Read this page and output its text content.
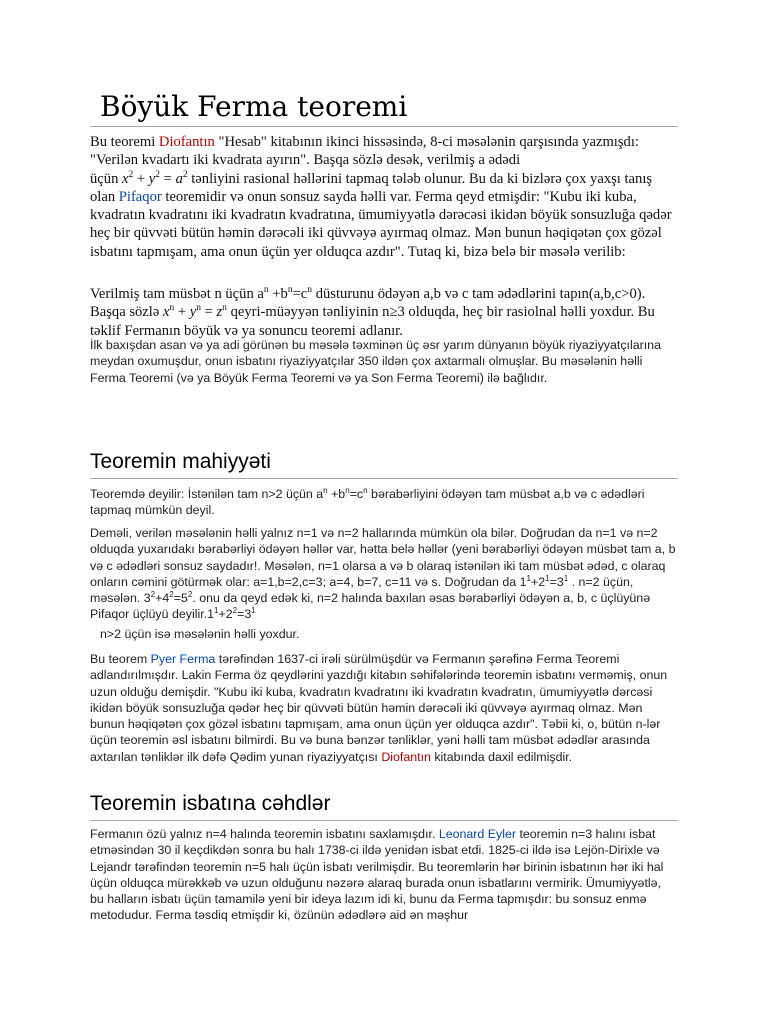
Böyük Ferma teoremi

Bu teoremi Diofantın "Hesab" kitabının ikinci hissəsində, 8-ci məsələnin qarşısında yazmışdı: "Verilən kvadartı iki kvadrata ayırın". Başqa sözlə desək, verilmiş a ədədi
üçün $x^2 + y^2 = a^2$ tənliyini rasional həllərini tapmaq tələb olunur. Bu da ki bizlərə çox yaxşı tanış olan Pifaqor teoremidir və onun sonsuz sayda həlli var. Ferma qeyd etmişdir: "Kubu iki kuba, kvadratın kvadratını iki kvadratın kvadratına, ümumiyyətlə dərəcəsi ikidən böyük sonsuzluğa qədər heç bir qüvvəti bütün həmin dərəcəli iki qüvvəyə ayırmaq olmaz. Mən bunun həqiqətən çox gözəl isbatını tapmışam, ama onun üçün yer olduqca azdır". Tutaq ki, bizə belə bir məsələ verilib:

Verilmiş tam müsbət n üçün $a^n +b^n=c^n$ düsturunu ödəyən a,b və c tam ədədlərini tapın(a,b,c>0). Başqa sözlə $x^n + y^n = z^n$ qeyri-müəyyən tənliyinin n≥3 olduqda, heç bir rasiolnal həlli yoxdur. Bu təklif Fermanın böyük və ya sonuncu teoremi adlanır.

İlk baxışdan asan və ya adi görünən bu məsələ təxminən üç əsr yarım dünyanın böyük riyaziyyatçılarına meydan oxumuşdur, onun isbatını riyaziyyatçılar 350 ildən çox axtarmalı olmuşlar. Bu məsələnin həlli Ferma Teoremi (və ya Böyük Ferma Teoremi və ya Son Ferma Teoremi) ilə bağlıdır.

Teoremin mahiyyəti

Teoremdə deyilir: İstənilən tam n>2 üçün $a^n +b^n=c^n$ bərabərliyini ödəyən tam müsbət a,b və c ədədləri tapmaq mümkün deyil.

Deməli, verilən məsələnin həlli yalnız n=1 və n=2 hallarında mümkün ola bilər. Doğrudan da n=1 və n=2 olduqda yuxarıdakı bərabərliyi ödəyən həllər var, hətta belə həllər (yeni bərabərliyi ödəyən müsbət tam a, b və c ədədləri sonsuz saydadır!. Məsələn, n=1 olarsa a və b olaraq istənilən iki tam müsbət ədəd, c olaraq onların cəmini götürmək olar: a=1,b=2,c=3; a=4, b=7, c=11 və s. Doğrudan da $1^1+2^1=3^1$ . n=2 üçün, məsələn. $3^2+4^2=5^2$. onu da qeyd edək ki, n=2 halında baxılan əsas bərabərliyi ödəyən a, b, c üçlüyünə Pifaqor üçlüyü $deyilir.1^1+2^2=3^1$

n>2 üçün isə məsələnin həlli yoxdur.

Bu teorem Pyer Ferma tərəfindən 1637-ci irəli sürülmüşdür və Fermanın şərəfinə Ferma Teoremi adlandırılmışdır. Lakin Ferma öz qeydlərini yazdığı kitabın səhifələrində teoremin isbatını verməmiş, onun uzun olduğu demişdir. "Kubu iki kuba, kvadratın kvadratını iki kvadratın kvadratın, ümumiyyətlə dərcəsi ikidən böyük sonsuzluğa qədər heç bir qüvvəti bütün həmin dərəcəli iki qüvvəyə ayırmaq olmaz. Mən bunun həqiqətən çox gözəl isbatını tapmışam, ama onun üçün yer olduqca azdır". Təbii ki, o, bütün n-lər üçün teoremin əsl isbatını bilmirdi. Bu və buna bənzər tənliklər, yəni həlli tam müsbət ədədlər arasında axtarılan tənliklər ilk dəfə Qədim yunan riyaziyyatçısı Diofantın kitabında daxil edilmişdir.

Teoremin isbatına cəhdlər

Fermanın özü yalnız n=4 halında teoremin isbatını saxlamışdır. Leonard Eyler teoremin n=3 halını isbat etməsindən 30 il keçdikdən sonra bu halı 1738-ci ildə yenidən isbat etdi. 1825-ci ildə isə Lejön-Dirixle və Lejandr tərəfindən teoremin n=5 halı üçün isbatı verilmişdir. Bu teoremlərin hər birinin isbatının hər iki hal üçün olduqca mürəkkəb və uzun olduğunu nəzərə alaraq burada onun isbatlarını vermirik. Ümumiyyətlə, bu halların isbatı üçün tamamilə yeni bir ideya lazım idi ki, bunu da Ferma tapmışdır: bu sonsuz enmə metodudur. Ferma təsdiq etmişdir ki, özünün ədədlərə aid ən məşhur
